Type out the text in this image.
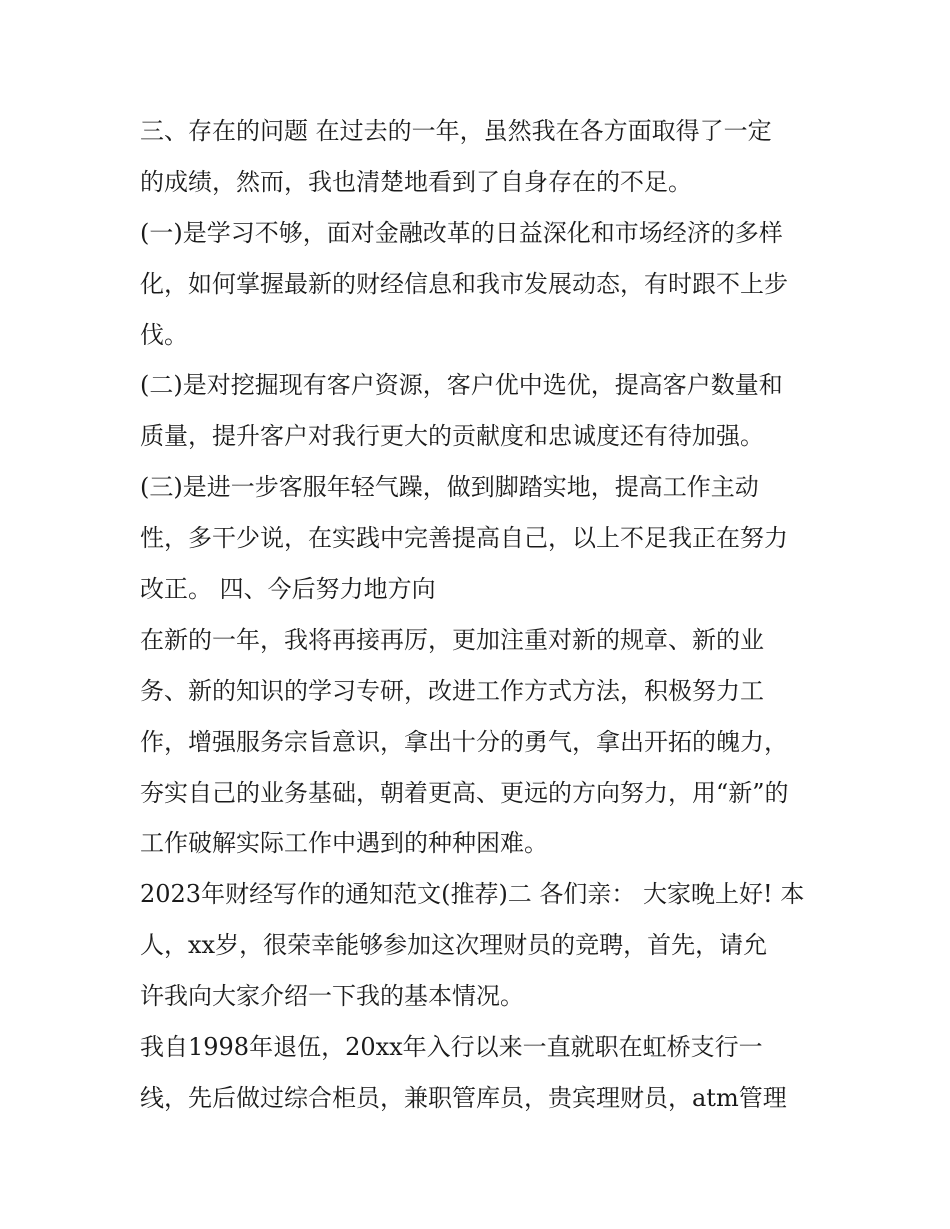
三、存在的问题 在过去的一年，虽然我在各方面取得了一定
的成绩，然而，我也清楚地看到了自身存在的不足。
(一)是学习不够，面对金融改革的日益深化和市场经济的多样
化，如何掌握最新的财经信息和我市发展动态，有时跟不上步
伐。
(二)是对挖掘现有客户资源，客户优中选优，提高客户数量和
质量，提升客户对我行更大的贡献度和忠诚度还有待加强。
(三)是进一步客服年轻气躁，做到脚踏实地，提高工作主动
性，多干少说，在实践中完善提高自己，以上不足我正在努力
改正。 四、今后努力地方向
在新的一年，我将再接再厉，更加注重对新的规章、新的业
务、新的知识的学习专研，改进工作方式方法，积极努力工
作，增强服务宗旨意识，拿出十分的勇气，拿出开拓的魄力，
夯实自己的业务基础，朝着更高、更远的方向努力，用“新”的
工作破解实际工作中遇到的种种困难。
2023年财经写作的通知范文(推荐)二 各们亲： 大家晚上好! 本
人，xx岁，很荣幸能够参加这次理财员的竞聘，首先，请允
许我向大家介绍一下我的基本情况。
我自1998年退伍，20xx年入行以来一直就职在虹桥支行一
线，先后做过综合柜员，兼职管库员，贵宾理财员，atm管理
